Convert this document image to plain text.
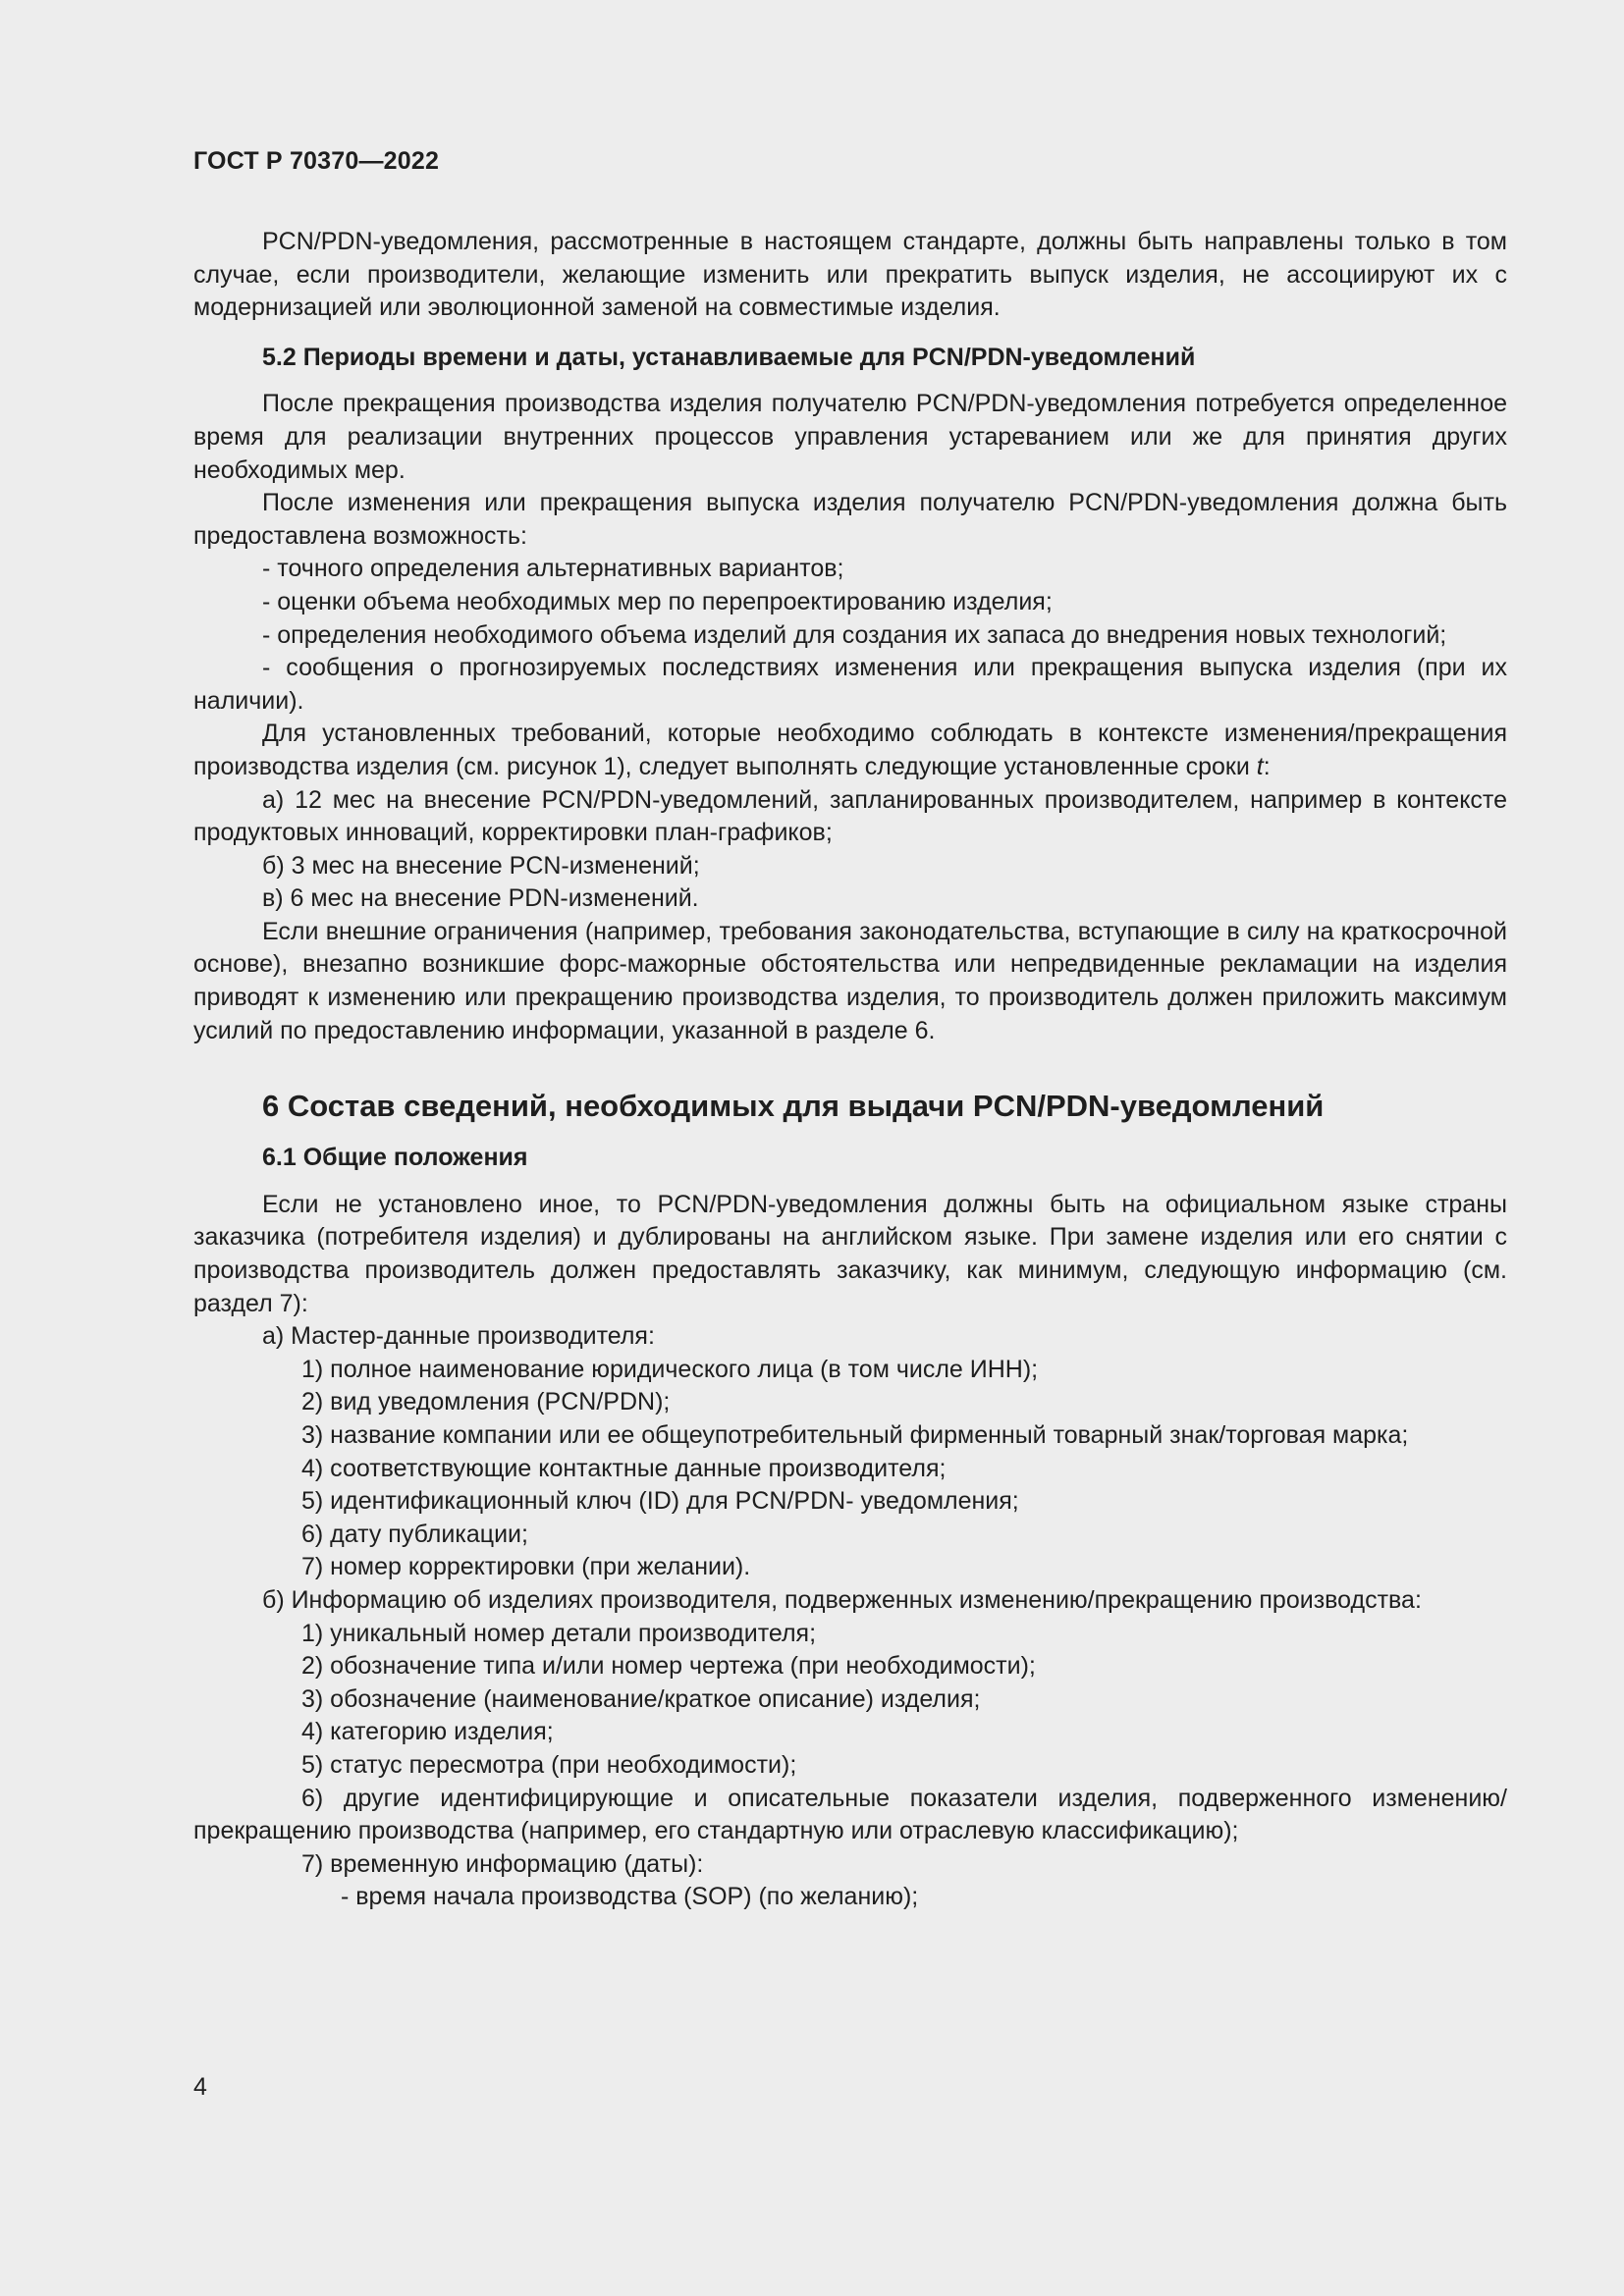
ГОСТ Р 70370—2022

PCN/PDN-уведомления, рассмотренные в настоящем стандарте, должны быть направлены только в том случае, если производители, желающие изменить или прекратить выпуск изделия, не ассоциируют их с модернизацией или эволюционной заменой на совместимые изделия.

5.2 Периоды времени и даты, устанавливаемые для PCN/PDN-уведомлений

После прекращения производства изделия получателю PCN/PDN-уведомления потребуется определенное время для реализации внутренних процессов управления устареванием или же для принятия других необходимых мер.

После изменения или прекращения выпуска изделия получателю PCN/PDN-уведомления должна быть предоставлена возможность:

- точного определения альтернативных вариантов;

- оценки объема необходимых мер по перепроектированию изделия;

- определения необходимого объема изделий для создания их запаса до внедрения новых технологий;

- сообщения о прогнозируемых последствиях изменения или прекращения выпуска изделия (при их наличии).

Для установленных требований, которые необходимо соблюдать в контексте изменения/прекращения производства изделия (см. рисунок 1), следует выполнять следующие установленные сроки t:

а) 12 мес на внесение PCN/PDN-уведомлений, запланированных производителем, например в контексте продуктовых инноваций, корректировки план-графиков;

б) 3 мес на внесение PCN-изменений;

в) 6 мес на внесение PDN-изменений.

Если внешние ограничения (например, требования законодательства, вступающие в силу на краткосрочной основе), внезапно возникшие форс-мажорные обстоятельства или непредвиденные рекламации на изделия приводят к изменению или прекращению производства изделия, то производитель должен приложить максимум усилий по предоставлению информации, указанной в разделе 6.

6 Состав сведений, необходимых для выдачи PCN/PDN-уведомлений

6.1 Общие положения

Если не установлено иное, то PCN/PDN-уведомления должны быть на официальном языке страны заказчика (потребителя изделия) и дублированы на английском языке. При замене изделия или его снятии с производства производитель должен предоставлять заказчику, как минимум, следующую информацию (см. раздел 7):

а) Мастер-данные производителя:

1) полное наименование юридического лица (в том числе ИНН);

2) вид уведомления (PCN/PDN);

3) название компании или ее общеупотребительный фирменный товарный знак/торговая марка;

4) соответствующие контактные данные производителя;

5) идентификационный ключ (ID) для PCN/PDN- уведомления;

6) дату публикации;

7) номер корректировки (при желании).

б) Информацию об изделиях производителя, подверженных изменению/прекращению производства:

1) уникальный номер детали производителя;

2) обозначение типа и/или номер чертежа (при необходимости);

3) обозначение (наименование/краткое описание) изделия;

4) категорию изделия;

5) статус пересмотра (при необходимости);

6) другие идентифицирующие и описательные показатели изделия, подверженного изменению/прекращению производства (например, его стандартную или отраслевую классификацию);

7) временную информацию (даты):

- время начала производства (SOP) (по желанию);

4
